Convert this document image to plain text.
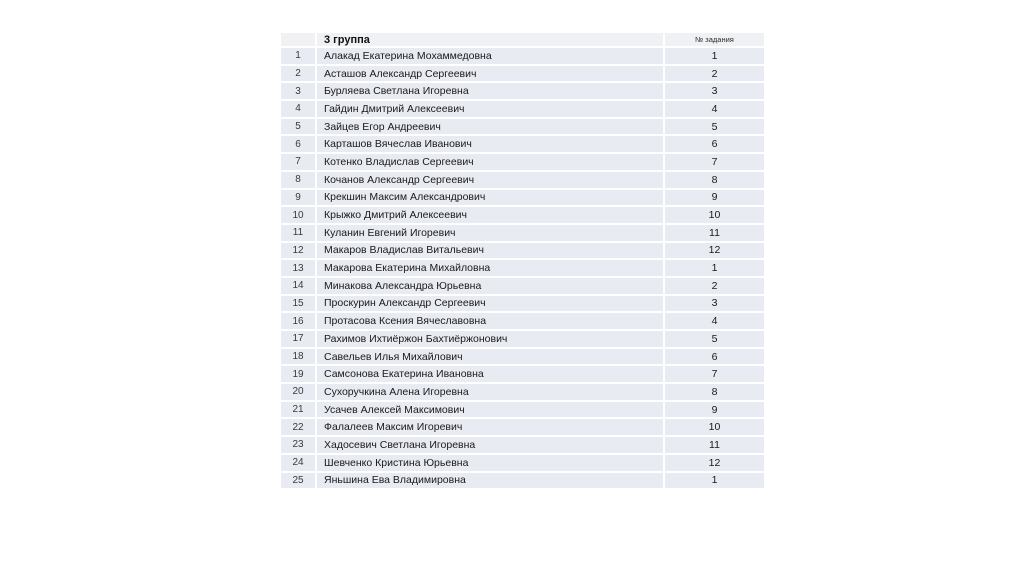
	3 группа	№ задания
1	Алакад Екатерина Мохаммедовна	1
2	Асташов Александр Сергеевич	2
3	Бурляева Светлана Игоревна	3
4	Гайдин Дмитрий Алексеевич	4
5	Зайцев Егор Андреевич	5
6	Карташов Вячеслав Иванович	6
7	Котенко Владислав Сергеевич	7
8	Кочанов Александр Сергеевич	8
9	Крекшин Максим Александрович	9
10	Крыжко Дмитрий Алексеевич	10
11	Куланин Евгений Игоревич	11
12	Макаров Владислав Витальевич	12
13	Макарова Екатерина Михайловна	1
14	Минакова Александра Юрьевна	2
15	Проскурин Александр Сергеевич	3
16	Протасова Ксения Вячеславовна	4
17	Рахимов Ихтиёржон Бахтиёржонович	5
18	Савельев Илья Михайлович	6
19	Самсонова Екатерина Ивановна	7
20	Сухоручкина Алена Игоревна	8
21	Усачев Алексей Максимович	9
22	Фалалеев Максим Игоревич	10
23	Хадосевич Светлана Игоревна	11
24	Шевченко Кристина Юрьевна	12
25	Яньшина Ева Владимировна	1
